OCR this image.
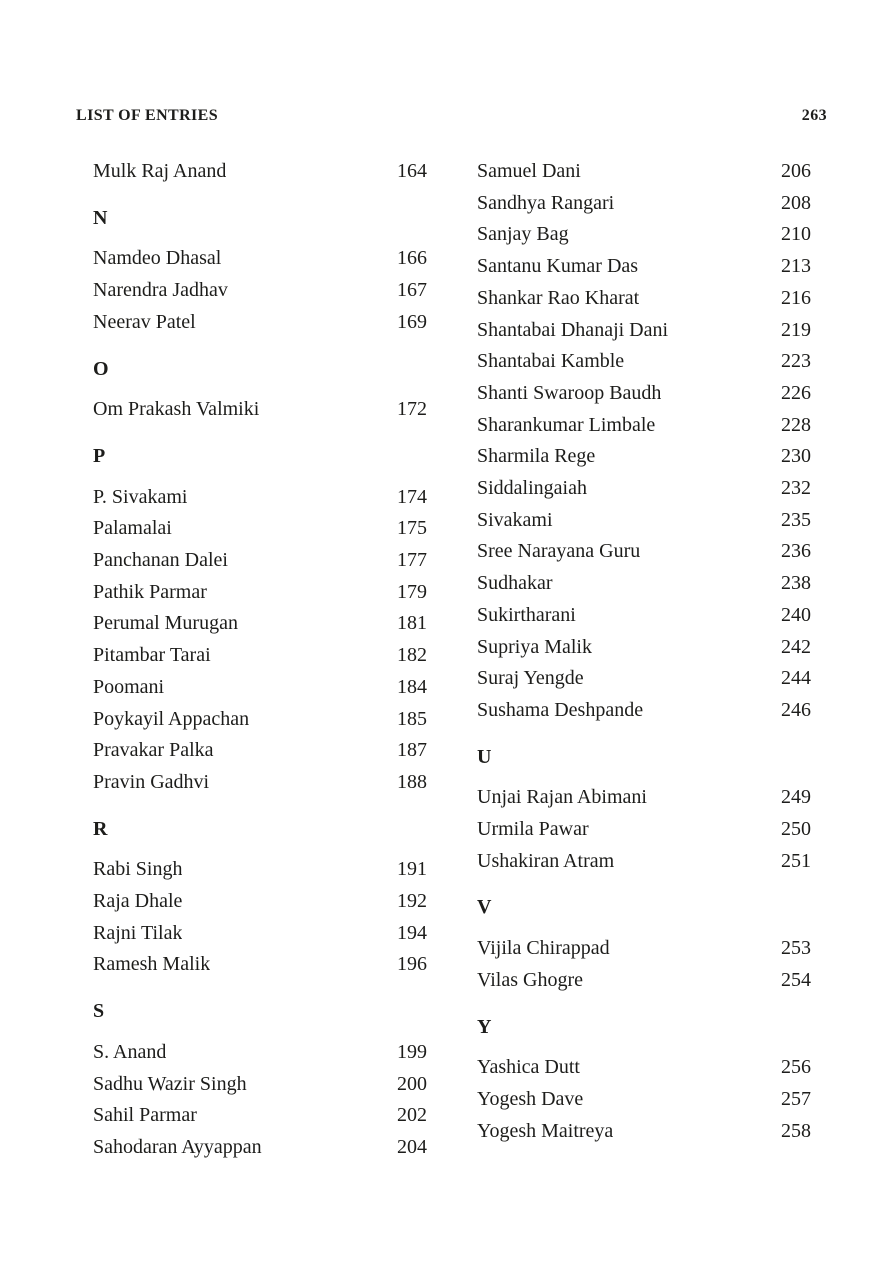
LIST OF ENTRIES	263
Mulk Raj Anand	164
N
Namdeo Dhasal	166
Narendra Jadhav	167
Neerav Patel	169
O
Om Prakash Valmiki	172
P
P. Sivakami	174
Palamalai	175
Panchanan Dalei	177
Pathik Parmar	179
Perumal Murugan	181
Pitambar Tarai	182
Poomani	184
Poykayil Appachan	185
Pravakar Palka	187
Pravin Gadhvi	188
R
Rabi Singh	191
Raja Dhale	192
Rajni Tilak	194
Ramesh Malik	196
S
S. Anand	199
Sadhu Wazir Singh	200
Sahil Parmar	202
Sahodaran Ayyappan	204
Samuel Dani	206
Sandhya Rangari	208
Sanjay Bag	210
Santanu Kumar Das	213
Shankar Rao Kharat	216
Shantabai Dhanaji Dani	219
Shantabai Kamble	223
Shanti Swaroop Baudh	226
Sharankumar Limbale	228
Sharmila Rege	230
Siddalingaiah	232
Sivakami	235
Sree Narayana Guru	236
Sudhakar	238
Sukirtharani	240
Supriya Malik	242
Suraj Yengde	244
Sushama Deshpande	246
U
Unjai Rajan Abimani	249
Urmila Pawar	250
Ushakiran Atram	251
V
Vijila Chirappad	253
Vilas Ghogre	254
Y
Yashica Dutt	256
Yogesh Dave	257
Yogesh Maitreya	258
